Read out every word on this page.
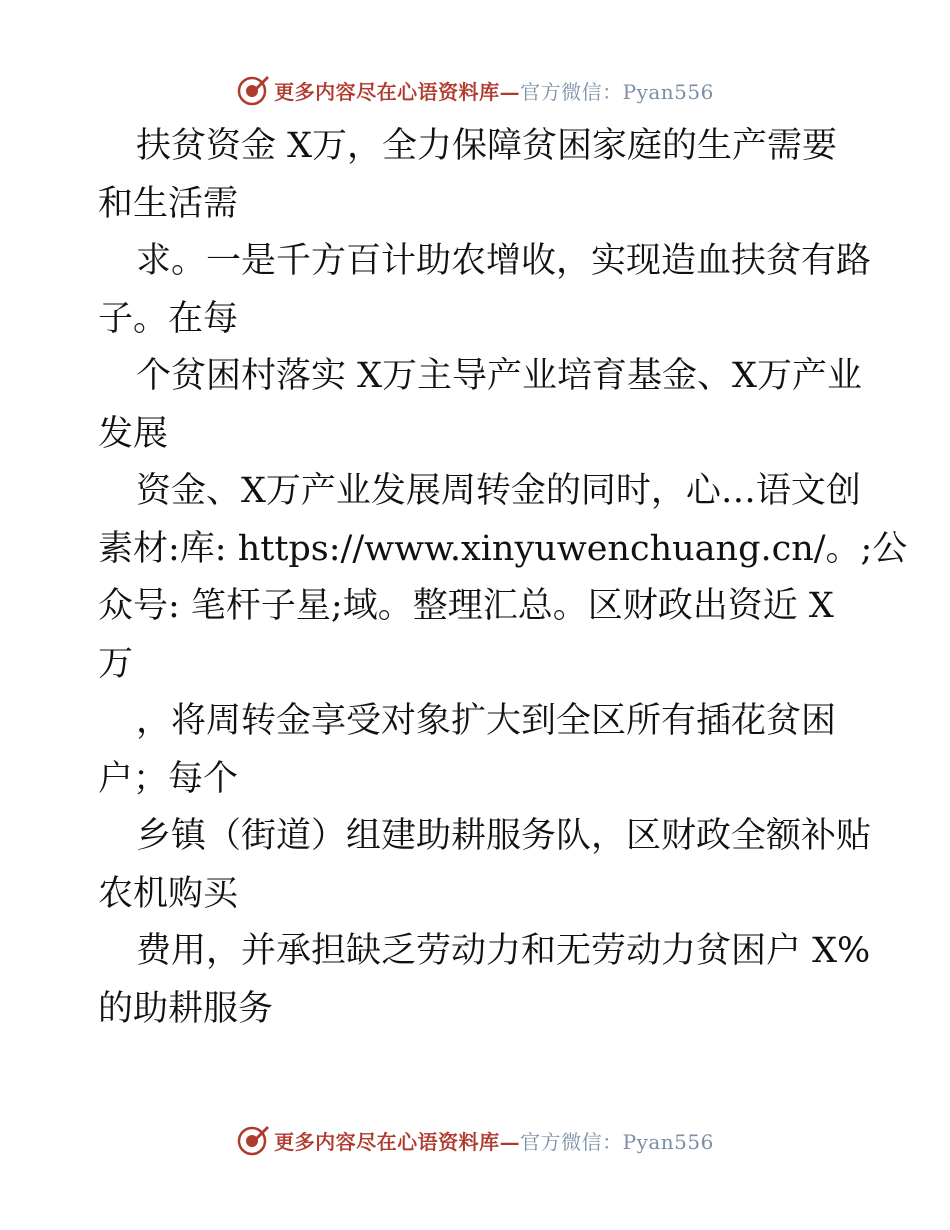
更多内容尽在心语资料库—官方微信：Pyan556
扶贫资金 X万，全力保障贫困家庭的生产需要
和生活需
求。一是千方百计助农增收，实现造血扶贫有路
子。在每
个贫困村落实 X万主导产业培育基金、X万产业
发展
资金、X万产业发展周转金的同时，心…语文创
素材:库: https://www.xinyuwenchuang.cn/。;公
众号: 笔杆子星;域。整理汇总。区财政出资近 X
万
，将周转金享受对象扩大到全区所有插花贫困
户；每个
乡镇（街道）组建助耕服务队，区财政全额补贴
农机购买
费用，并承担缺乏劳动力和无劳动力贫困户 X%
的助耕服务
更多内容尽在心语资料库—官方微信：Pyan556
